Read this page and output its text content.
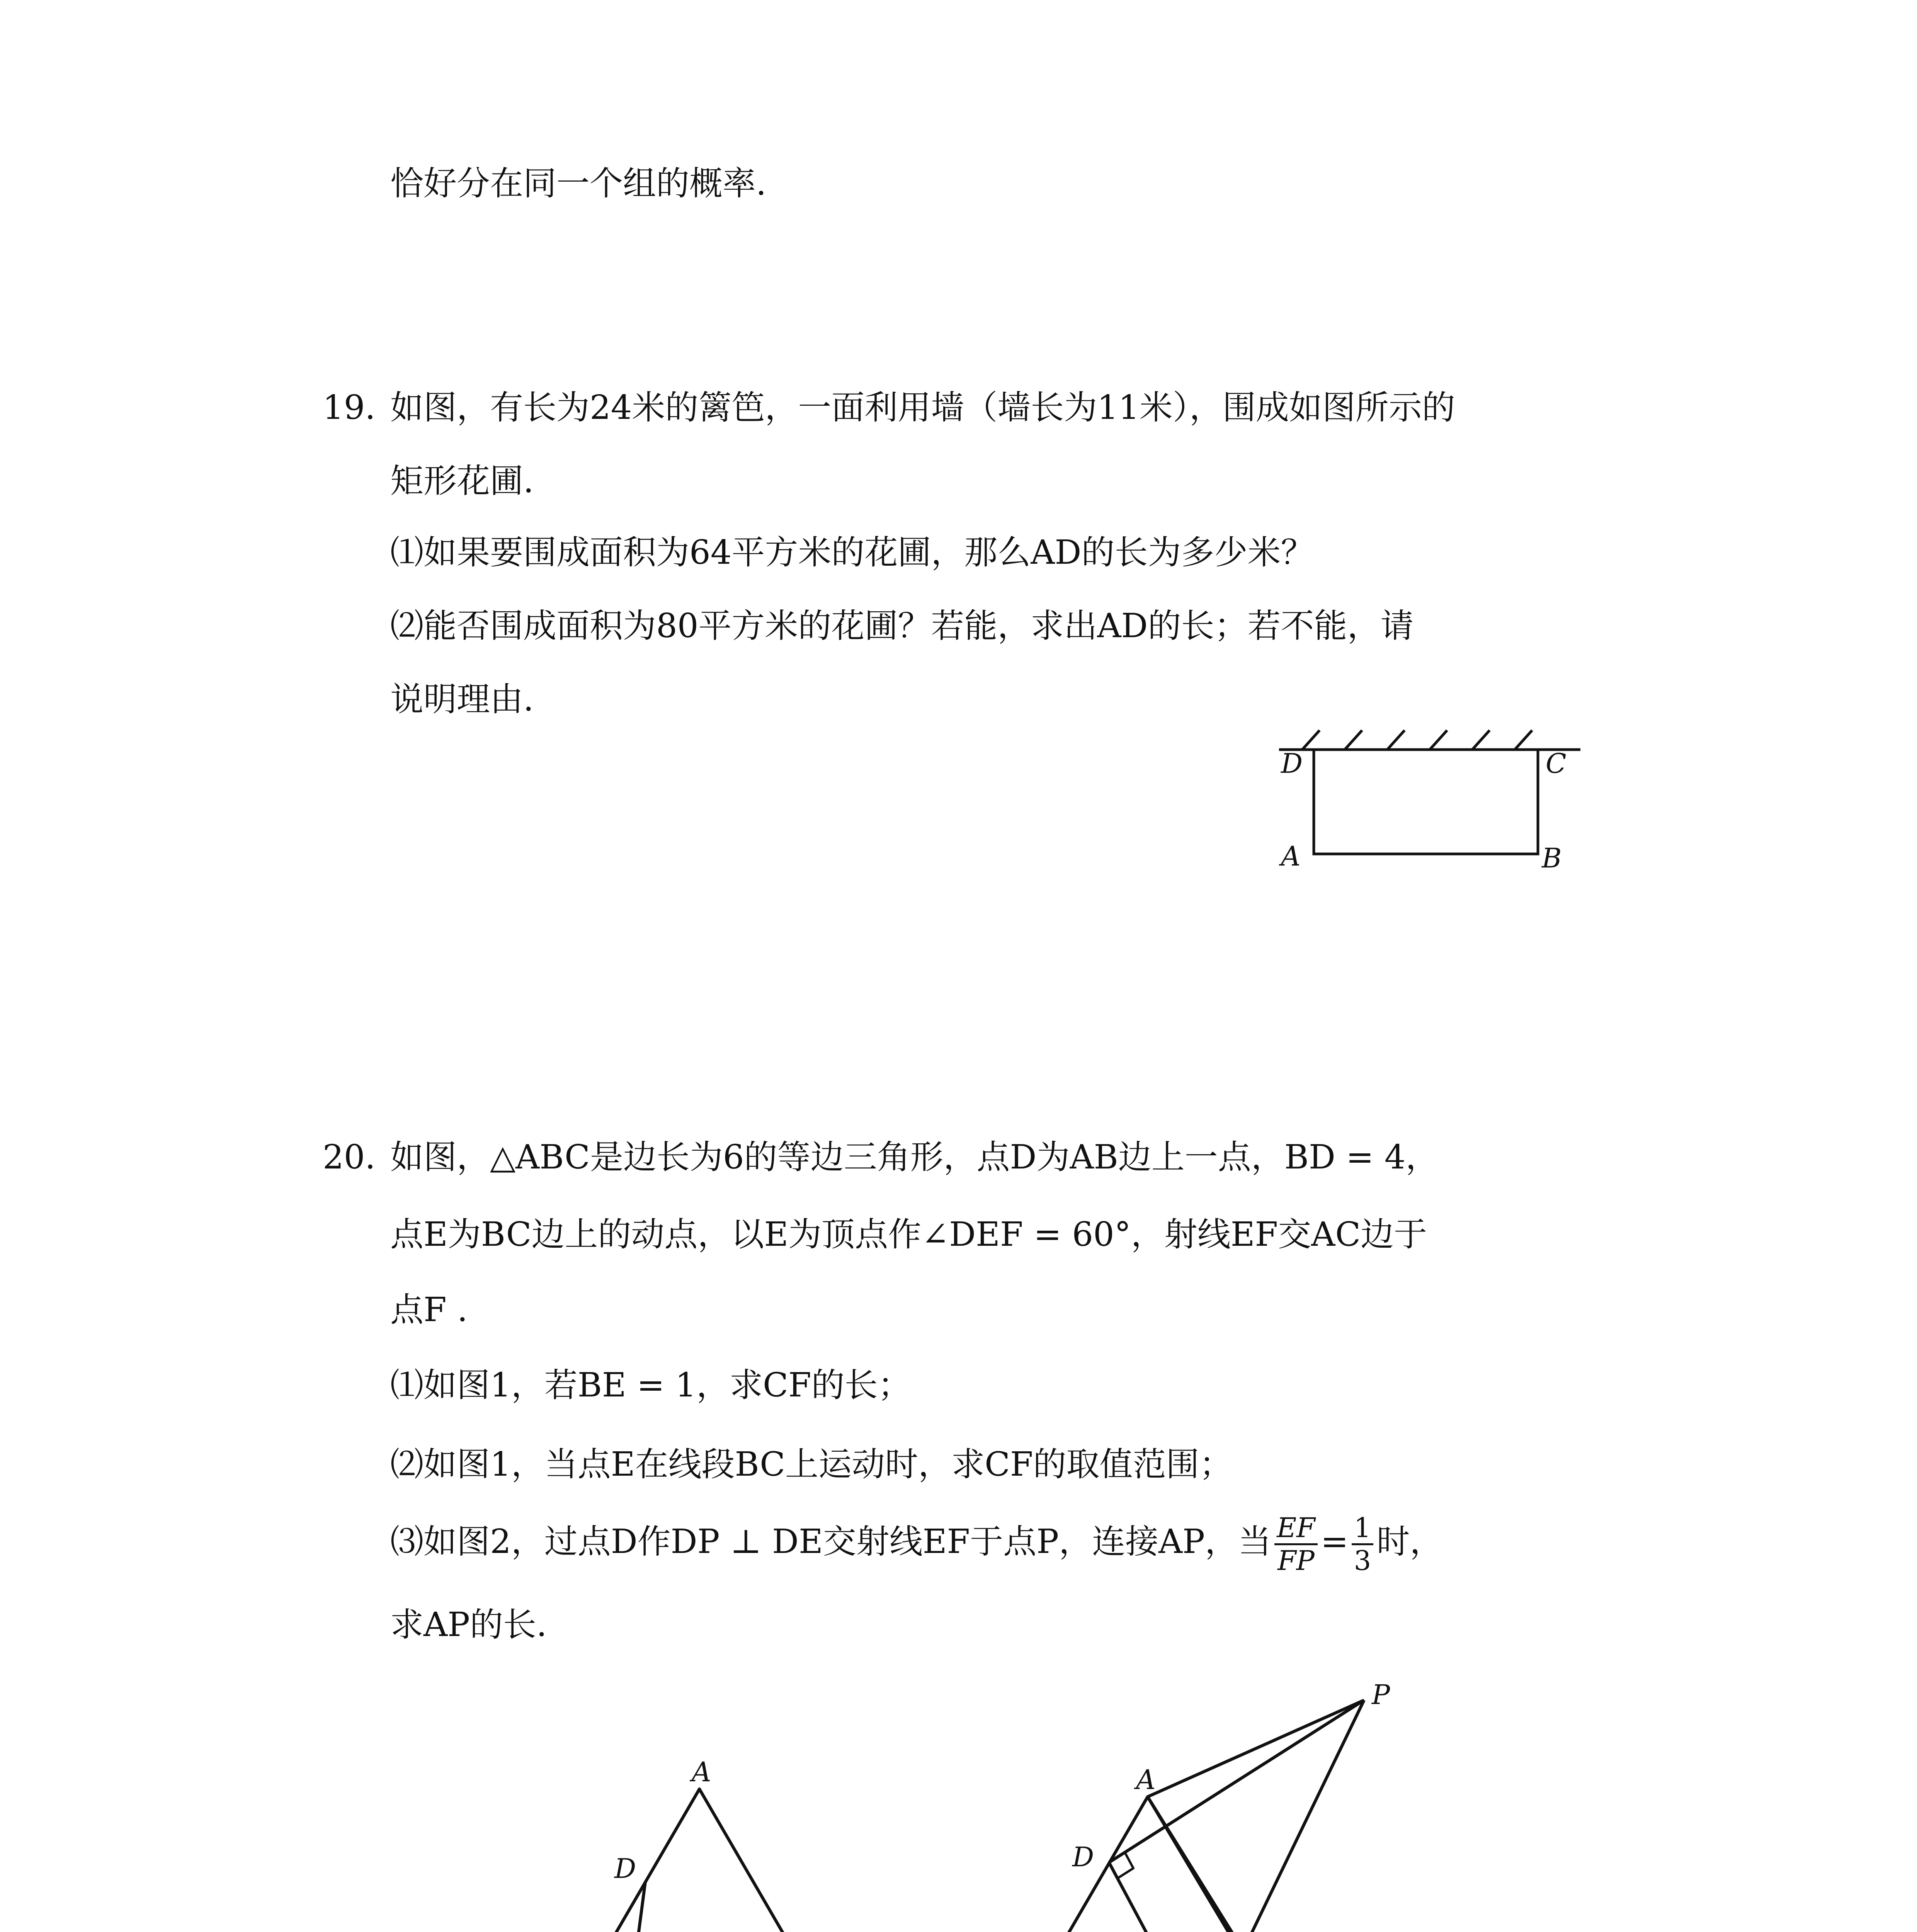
恰好分在同一个组的概率.
19. 如图，有长为24米的篱笆，一面利用墙（墙长为11米），围成如图所示的
矩形花圃.
⑴如果要围成面积为64平方米的花圃，那么AD的长为多少米？
⑵能否围成面积为80平方米的花圃？若能，求出AD的长；若不能，请
说明理由.
D	C
A	B
20. 如图，△ABC是边长为6的等边三角形，点D为AB边上一点，BD = 4，
点E为BC边上的动点，以E为顶点作∠DEF = 60°，射线EF交AC边于
点F .
⑴如图1，若BE = 1，求CF的长；
⑵如图1，当点E在线段BC上运动时，求CF的取值范围；
⑶如图2，过点D作DP ⊥ DE交射线EF于点P，连接AP，当 $\frac{EF}{FP} = \frac{1}{3}$ 时，
求AP的长.
A
D
P
A
D
